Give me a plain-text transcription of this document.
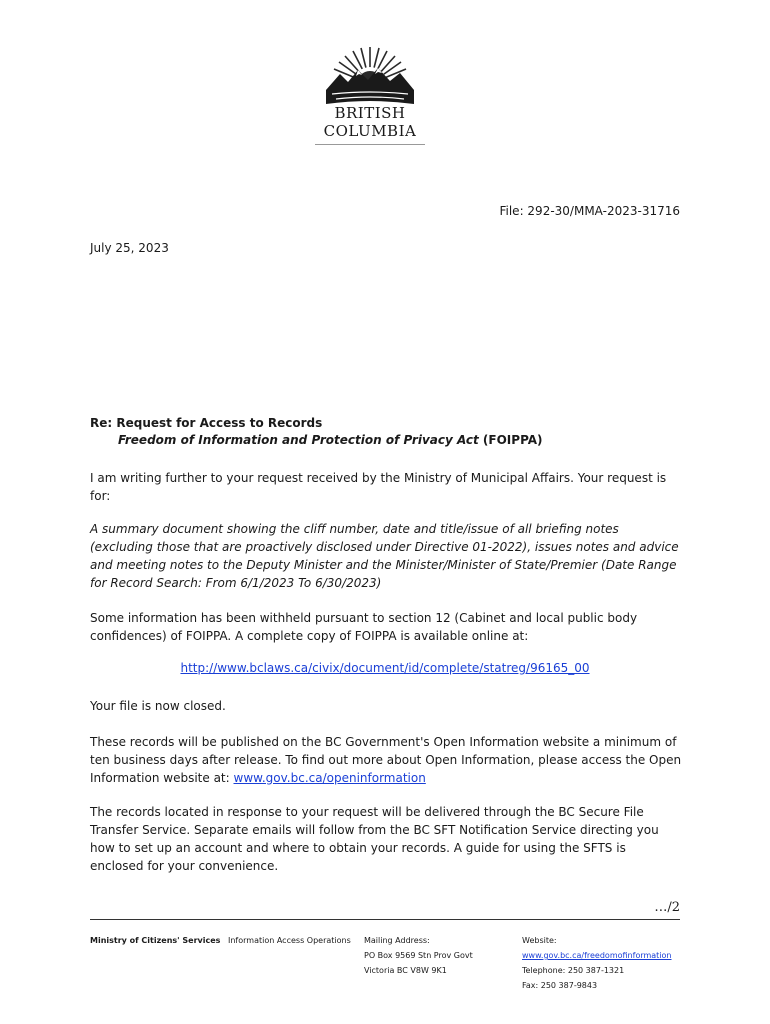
BRITISH
COLUMBIA
File: 292-30/MMA-2023-31716
July 25, 2023
Re: Request for Access to Records
Freedom of Information and Protection of Privacy Act (FOIPPA)

I am writing further to your request received by the Ministry of Municipal Affairs. Your request is for:

A summary document showing the cliff number, date and title/issue of all briefing notes (excluding those that are proactively disclosed under Directive 01-2022), issues notes and advice and meeting notes to the Deputy Minister and the Minister/Minister of State/Premier (Date Range for Record Search: From 6/1/2023 To 6/30/2023)

Some information has been withheld pursuant to section 12 (Cabinet and local public body confidences) of FOIPPA. A complete copy of FOIPPA is available online at:

http://www.bclaws.ca/civix/document/id/complete/statreg/96165_00

Your file is now closed.

These records will be published on the BC Government's Open Information website a minimum of ten business days after release. To find out more about Open Information, please access the Open Information website at: www.gov.bc.ca/openinformation

The records located in response to your request will be delivered through the BC Secure File Transfer Service. Separate emails will follow from the BC SFT Notification Service directing you how to set up an account and where to obtain your records. A guide for using the SFTS is enclosed for your convenience.

…/2
Ministry of Citizens' Services Information Access Operations Mailing Address:
PO Box 9569 Stn Prov Govt
Victoria BC V8W 9K1
Website:
www.gov.bc.ca/freedomofinformation
Telephone: 250 387-1321
Fax: 250 387-9843
